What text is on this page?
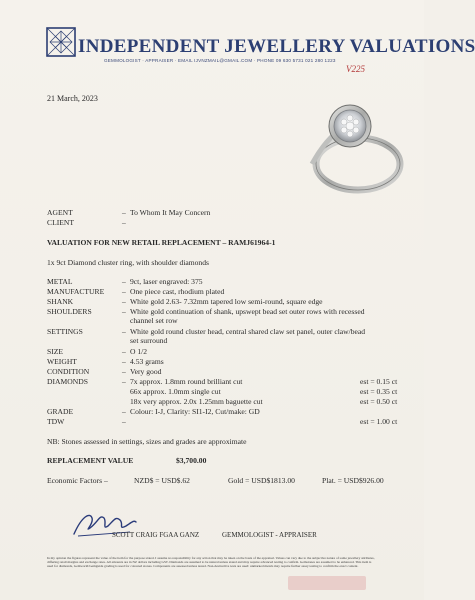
INDEPENDENT JEWELLERY VALUATIONS
GEMMOLOGIST · APPRAISER · EMAIL IJVNZMAIL@GMAIL.COM · PHONE 09 630 5731 021 280 1223
V225
21 March, 2023
AGENT	– To Whom It May Concern
CLIENT	–
VALUATION FOR NEW RETAIL REPLACEMENT – RAMJ61964-1
1x 9ct Diamond cluster ring, with shoulder diamonds
METAL	– 9ct, laser engraved: 375
MANUFACTURE – One piece cast, rhodium plated
SHANK	– White gold 2.63- 7.32mm tapered low semi-round, square edge
SHOULDERS	– White gold continuation of shank, upswept bead set outer rows with recessed
channel set row
SETTINGS	– White gold round cluster head, central shared claw set panel, outer claw/bead
set surround
SIZE	– O 1/2
WEIGHT	– 4.53 grams
CONDITION	– Very good
DIAMONDS	– 7x approx. 1.8mm round brilliant cut	est = 0.15 ct
66x approx. 1.0mm single cut	est = 0.35 ct
18x very approx. 2.0x 1.25mm baguette cut	est = 0.50 ct
GRADE	– Colour: I-J, Clarity: SI1-I2, Cut/make: GD
TDW	–	est = 1.00 ct
NB: Stones assessed in settings, sizes and grades are approximate
REPLACEMENT VALUE	$3,700.00
Economic Factors –	NZD$ = USD$.62	Gold = USD$1813.00	Plat. = USD$926.00
SCOTT CRAIG FGAA GANZ	GEMMOLOGIST - APPRAISER
In my opinion the figures represent the value of the item for the purpose stated. I assume no responsibility for any action that may be taken on the basis of the appraisal. Values can vary due to the subjective nature of some jewellery attributes, differing retail margins and exchange rates. All amounts are in NZ dollars including GST. Diamonds are assumed to be natural unless stated and may require advanced testing to confirm. Gemstones are assumed to be enhanced. This item is used for diamonds, Gemworld/Gemguide grading is used for coloured stones. Components are assessed unless tested. Non-destructive tests are used: unmarked metals may require further assay testing to confirm the exact content.
